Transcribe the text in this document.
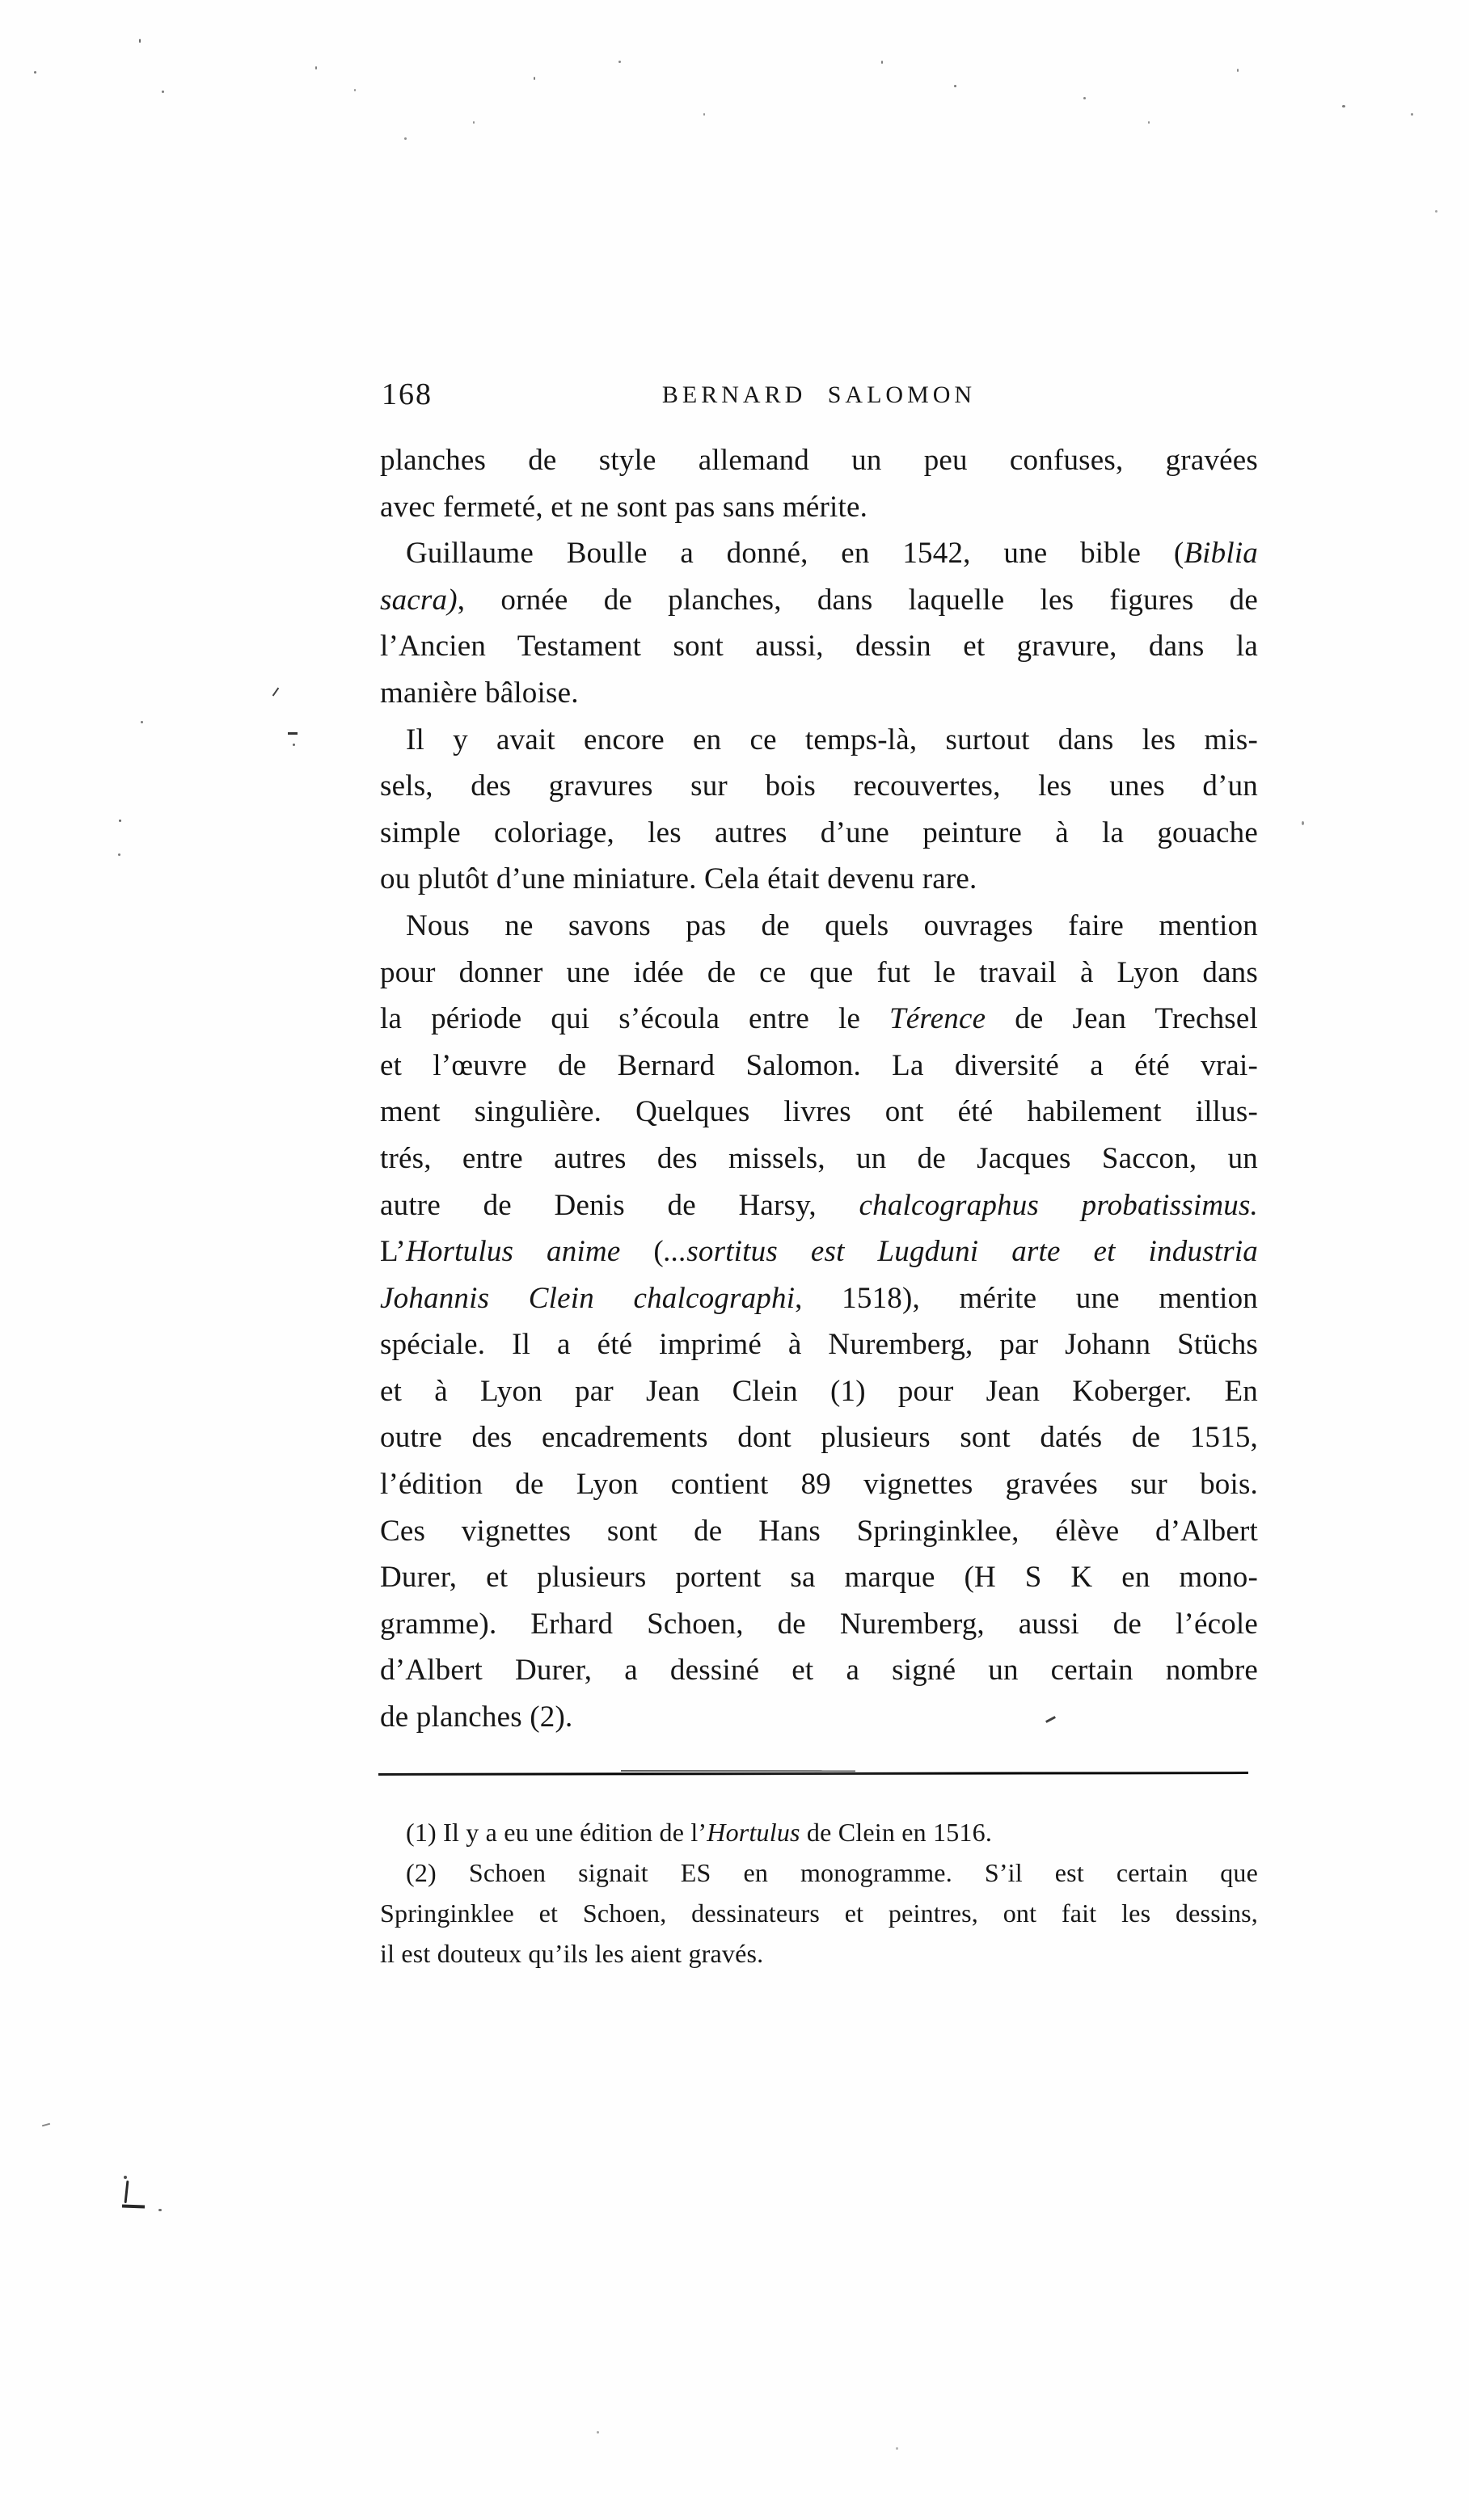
168	BERNARD SALOMON
planches de style allemand un peu confuses, gravées
avec fermeté, et ne sont pas sans mérite.
Guillaume Boulle a donné, en 1542, une bible (Biblia
sacra), ornée de planches, dans laquelle les figures de
l’Ancien Testament sont aussi, dessin et gravure, dans la
manière bâloise.
Il y avait encore en ce temps-là, surtout dans les mis-
sels, des gravures sur bois recouvertes, les unes d’un
simple coloriage, les autres d’une peinture à la gouache
ou plutôt d’une miniature. Cela était devenu rare.
Nous ne savons pas de quels ouvrages faire mention
pour donner une idée de ce que fut le travail à Lyon dans
la période qui s’écoula entre le Térence de Jean Trechsel
et l’œuvre de Bernard Salomon. La diversité a été vrai-
ment singulière. Quelques livres ont été habilement illus-
trés, entre autres des missels, un de Jacques Saccon, un
autre de Denis de Harsy, chalcographus probatissimus.
L’Hortulus anime (...sortitus est Lugduni arte et industria
Johannis Clein chalcographi, 1518), mérite une mention
spéciale. Il a été imprimé à Nuremberg, par Johann Stüchs
et à Lyon par Jean Clein (1) pour Jean Koberger. En
outre des encadrements dont plusieurs sont datés de 1515,
l’édition de Lyon contient 89 vignettes gravées sur bois.
Ces vignettes sont de Hans Springinklee, élève d’Albert
Durer, et plusieurs portent sa marque (H S K en mono-
gramme). Erhard Schoen, de Nuremberg, aussi de l’école
d’Albert Durer, a dessiné et a signé un certain nombre
de planches (2).
(1) Il y a eu une édition de l’Hortulus de Clein en 1516.
(2) Schoen signait ES en monogramme. S’il est certain que
Springinklee et Schoen, dessinateurs et peintres, ont fait les dessins,
il est douteux qu’ils les aient gravés.
